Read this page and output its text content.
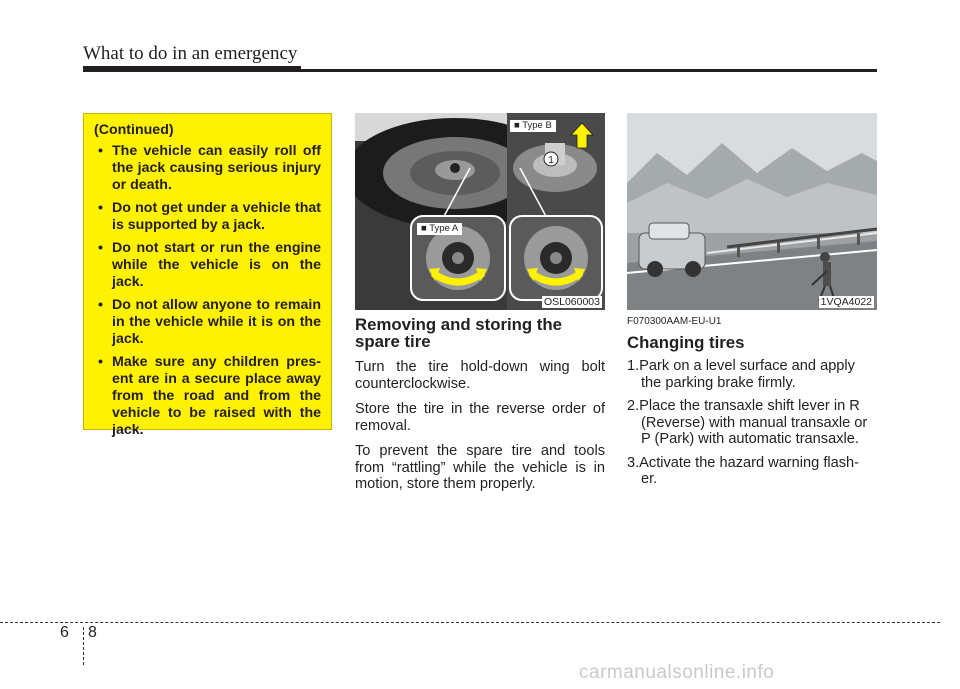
What to do in an emergency
(Continued)
• The vehicle can easily roll off the jack causing serious injury or death.
• Do not get under a vehicle that is supported by a jack.
• Do not start or run the engine while the vehicle is on the jack.
• Do not allow anyone to remain in the vehicle while it is on the jack.
• Make sure any children pres- ent are in a secure place away from the road and from the vehicle to be raised with the jack.
1
■ Type B
■ Type A
OSL060003	1VQA4022
Removing and storing the spare tire

Turn the tire hold-down wing bolt counterclockwise.

Store the tire in the reverse order of removal.

To prevent the spare tire and tools from “rattling” while the vehicle is in motion, store them properly.

F070300AAM-EU-U1

Changing tires
1.Park on a level surface and apply the parking brake firmly.
2.Place the transaxle shift lever in R (Reverse) with manual transaxle or P (Park) with automatic transaxle.
3.Activate the hazard warning flash- er.
6 8
carmanualsonline.info
